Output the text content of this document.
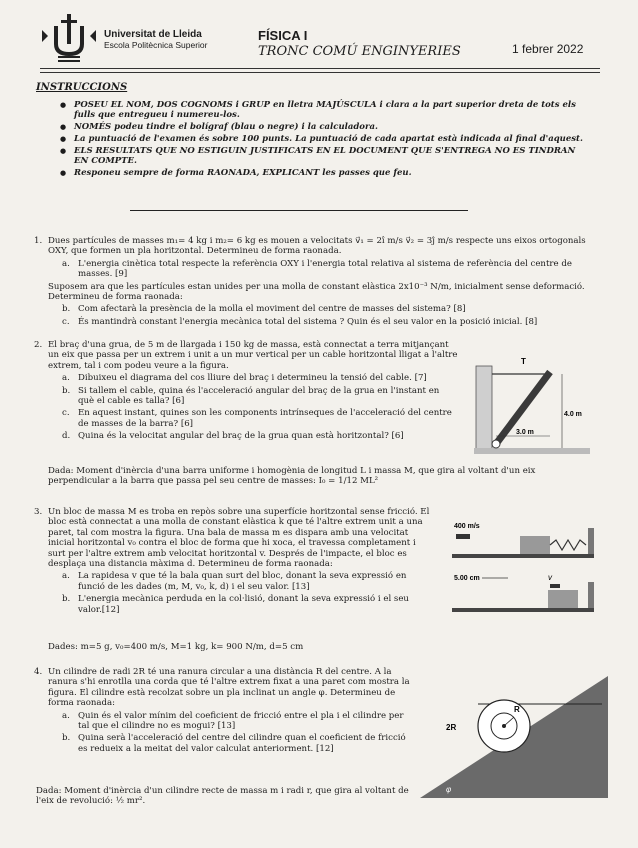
Universitat de Lleida
Escola Politècnica Superior
FÍSICA I
TRONC COMÚ ENGINYERIES	1 febrer 2022
INSTRUCCIONS
● POSEU EL NOM, DOS COGNOMS i GRUP en lletra MAJÚSCULA i clara a la part superior dreta de tots els fulls que entregueu i numereu-los.
● NOMÉS podeu tindre el bolígraf (blau o negre) i la calculadora.
● La puntuació de l'examen és sobre 100 punts. La puntuació de cada apartat està indicada al final d'aquest.
● ELS RESULTATS QUE NO ESTIGUIN JUSTIFICATS EN EL DOCUMENT QUE S'ENTREGA NO ES TINDRAN EN COMPTE.
● Responeu sempre de forma RAONADA, EXPLICANT les passes que feu.
1. Dues partícules de masses m₁= 4 kg i m₂= 6 kg es mouen a velocitats v⃗₁ = 2î m/s v⃗₂ = 3ĵ m/s respecte uns eixos ortogonals OXY, que formen un pla horitzontal. Determineu de forma raonada.

a. L'energia cinètica total respecte la referència OXY i l'energia total relativa al sistema de referència del centre de masses. [9]

Suposem ara que les partícules estan unides per una molla de constant elàstica 2x10⁻³ N/m, inicialment sense deformació. Determineu de forma raonada:

b. Com afectarà la presència de la molla el moviment del centre de masses del sistema? [8]

c. És mantindrà constant l'energia mecànica total del sistema ? Quin és el seu valor en la posició inicial. [8]

2. El braç d'una grua, de 5 m de llargada i 150 kg de massa, està connectat a terra mitjançant un eix que passa per un extrem i unit a un mur vertical per un cable horitzontal lligat a l'altre extrem, tal i com podeu veure a la figura.

a. Dibuixeu el diagrama del cos lliure del braç i determineu la tensió del cable. [7]

b. Si tallem el cable, quina és l'acceleració angular del braç de la grua en l'instant en què el cable es talla? [6]

c. En aquest instant, quines son les components intrínseques de l'acceleració del centre de masses de la barra? [6]

d. Quina és la velocitat angular del braç de la grua quan està horitzontal? [6]

T
4.0 m
3.0 m
Dada: Moment d'inèrcia d'una barra uniforme i homogènia de longitud L i massa M, que gira al voltant d'un eix perpendicular a la barra que passa pel seu centre de masses: I₀ = 1/12 ML²
3. Un bloc de massa M es troba en repòs sobre una superfície horitzontal sense fricció. El bloc està connectat a una molla de constant elàstica k que té l'altre extrem unit a una paret, tal com mostra la figura. Una bala de massa m es dispara amb una velocitat inicial horitzontal v₀ contra el bloc de forma que hi xoca, el travessa completament i surt per l'altre extrem amb velocitat horitzontal v. Després de l'impacte, el bloc es desplaça una distancia màxima d. Determineu de forma raonada:

a. La rapidesa v que té la bala quan surt del bloc, donant la seva expressió en funció de les dades (m, M, v₀, k, d) i el seu valor. [13]

b. L'energia mecànica perduda en la col·lisió, donant la seva expressió i el seu valor.[12]

400 m/s
5.00 cm	v
Dades: m=5 g, v₀=400 m/s, M=1 kg, k= 900 N/m, d=5 cm
4. Un cilindre de radi 2R té una ranura circular a una distància R del centre. A la ranura s'hi enrotlla una corda que té l'altre extrem fixat a una paret com mostra la figura. El cilindre està recolzat sobre un pla inclinat un angle φ. Determineu de forma raonada:

a. Quin és el valor mínim del coeficient de fricció entre el pla i el cilindre per tal que el cilindre no es mogui? [13]

b. Quina serà l'acceleració del centre del cilindre quan el coeficient de fricció es redueix a la meitat del valor calculat anteriorment. [12]

2R
R
φ
Dada: Moment d'inèrcia d'un cilindre recte de massa m i radi r, que gira al voltant de l'eix de revolució: ½ mr².
